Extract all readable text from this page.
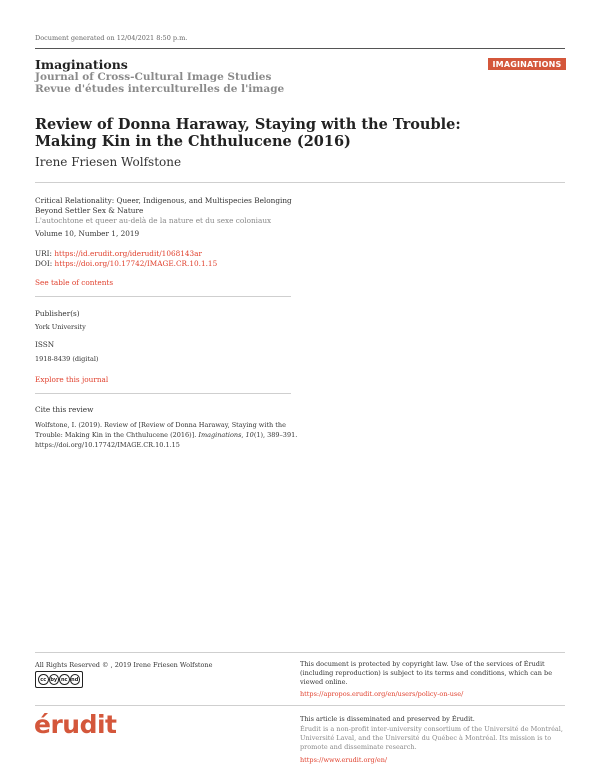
Document generated on 12/04/2021 8:50 p.m.
Imaginations
Journal of Cross-Cultural Image Studies
Revue d'études interculturelles de l'image
IMAGINATIONS
Review of Donna Haraway, Staying with the Trouble: Making Kin in the Chthulucene (2016)
Irene Friesen Wolfstone
Critical Relationality: Queer, Indigenous, and Multispecies Belonging
Beyond Settler Sex & Nature
L'autochtone et queer au-delà de la nature et du sexe coloniaux
Volume 10, Number 1, 2019
URI: https://id.erudit.org/iderudit/1068143ar
DOI: https://doi.org/10.17742/IMAGE.CR.10.1.15
See table of contents
Publisher(s)
York University
ISSN
1918-8439 (digital)
Explore this journal
Cite this review
Wolfstone, I. (2019). Review of [Review of Donna Haraway, Staying with the
Trouble: Making Kin in the Chthulucene (2016)]. Imaginations, 10(1), 389–391.
https://doi.org/10.17742/IMAGE.CR.10.1.15
All Rights Reserved © , 2019 Irene Friesen Wolfstone
cc by nc nd
This document is protected by copyright law. Use of the services of Érudit
(including reproduction) is subject to its terms and conditions, which can be
viewed online.
https://apropos.erudit.org/en/users/policy-on-use/
érudit	This article is disseminated and preserved by Érudit.
Érudit is a non-profit inter-university consortium of the Université de Montréal,
Université Laval, and the Université du Québec à Montréal. Its mission is to
promote and disseminate research.
https://www.erudit.org/en/
